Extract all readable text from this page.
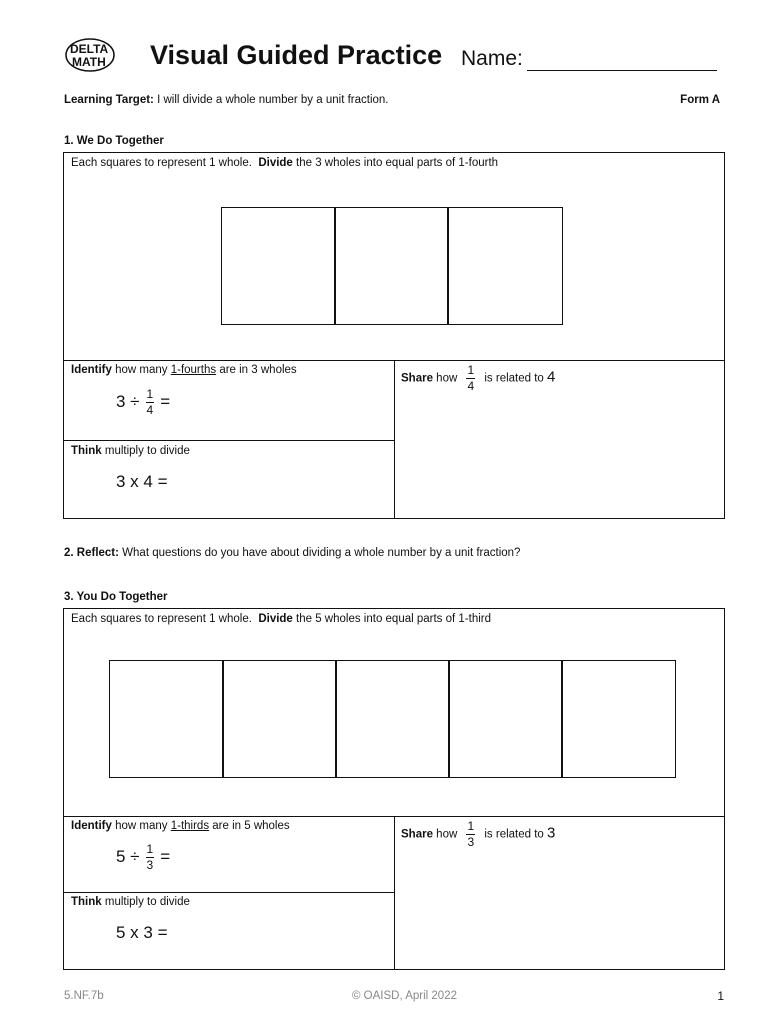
DELTA
MATH Visual Guided Practice Name:
Learning Target: I will divide a whole number by a unit fraction.	Form A
1. We Do Together
Each squares to represent 1 whole. Divide the 3 wholes into equal parts of 1-fourth
Identify how many 1-fourths are in 3 wholes
$3 \div \frac{1}{4}$ =
Think multiply to divide
3 x 4 =
Share how $\frac{1}{4}$ is related to 4
2. Reflect: What questions do you have about dividing a whole number by a unit fraction?
3. You Do Together
Each squares to represent 1 whole. Divide the 5 wholes into equal parts of 1-third
Identify how many 1-thirds are in 5 wholes
$5 \div \frac{1}{3}$ =
Think multiply to divide
5 x 3 =
Share how $\frac{1}{3}$ is related to 3
5.NF.7b	© OAISD, April 2022	1
